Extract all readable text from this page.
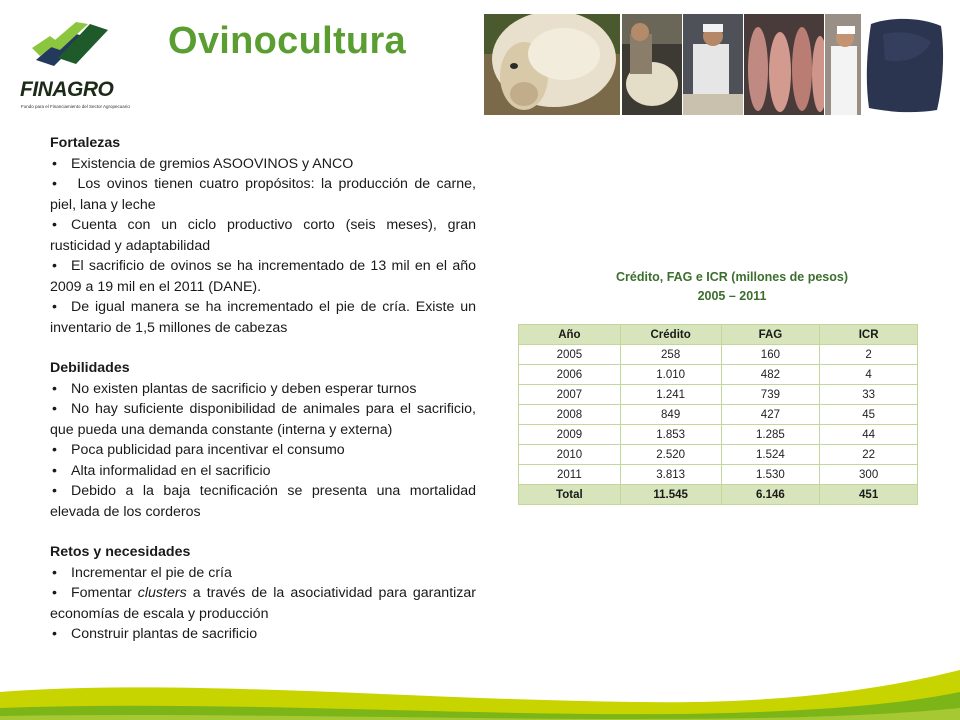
FINAGRO
Fondo para el Financiamiento del Sector Agropecuario
Ovinocultura
Fortalezas
• Existencia de gremios ASOOVINOS y ANCO
• Los ovinos tienen cuatro propósitos: la producción de carne, piel, lana y leche
• Cuenta con un ciclo productivo corto (seis meses), gran rusticidad y adaptabilidad
• El sacrificio de ovinos se ha incrementado de 13 mil en el año 2009 a 19 mil en el 2011 (DANE).
• De igual manera se ha incrementado el pie de cría. Existe un inventario de 1,5 millones de cabezas
Debilidades
• No existen plantas de sacrificio y deben esperar turnos
• No hay suficiente disponibilidad de animales para el sacrificio, que pueda una demanda constante (interna y externa)
• Poca publicidad para incentivar el consumo
• Alta informalidad en el sacrificio
• Debido a la baja tecnificación se presenta una mortalidad elevada de los corderos
Retos y necesidades
• Incrementar el pie de cría
• Fomentar clusters a través de la asociatividad para garantizar economías de escala y producción
• Construir plantas de sacrificio
Crédito, FAG e ICR (millones de pesos)
2005 – 2011
Año	Crédito	FAG	ICR
2005	258	160	2
2006	1.010	482	4
2007	1.241	739	33
2008	849	427	45
2009	1.853	1.285	44
2010	2.520	1.524	22
2011	3.813	1.530	300
Total	11.545	6.146	451
